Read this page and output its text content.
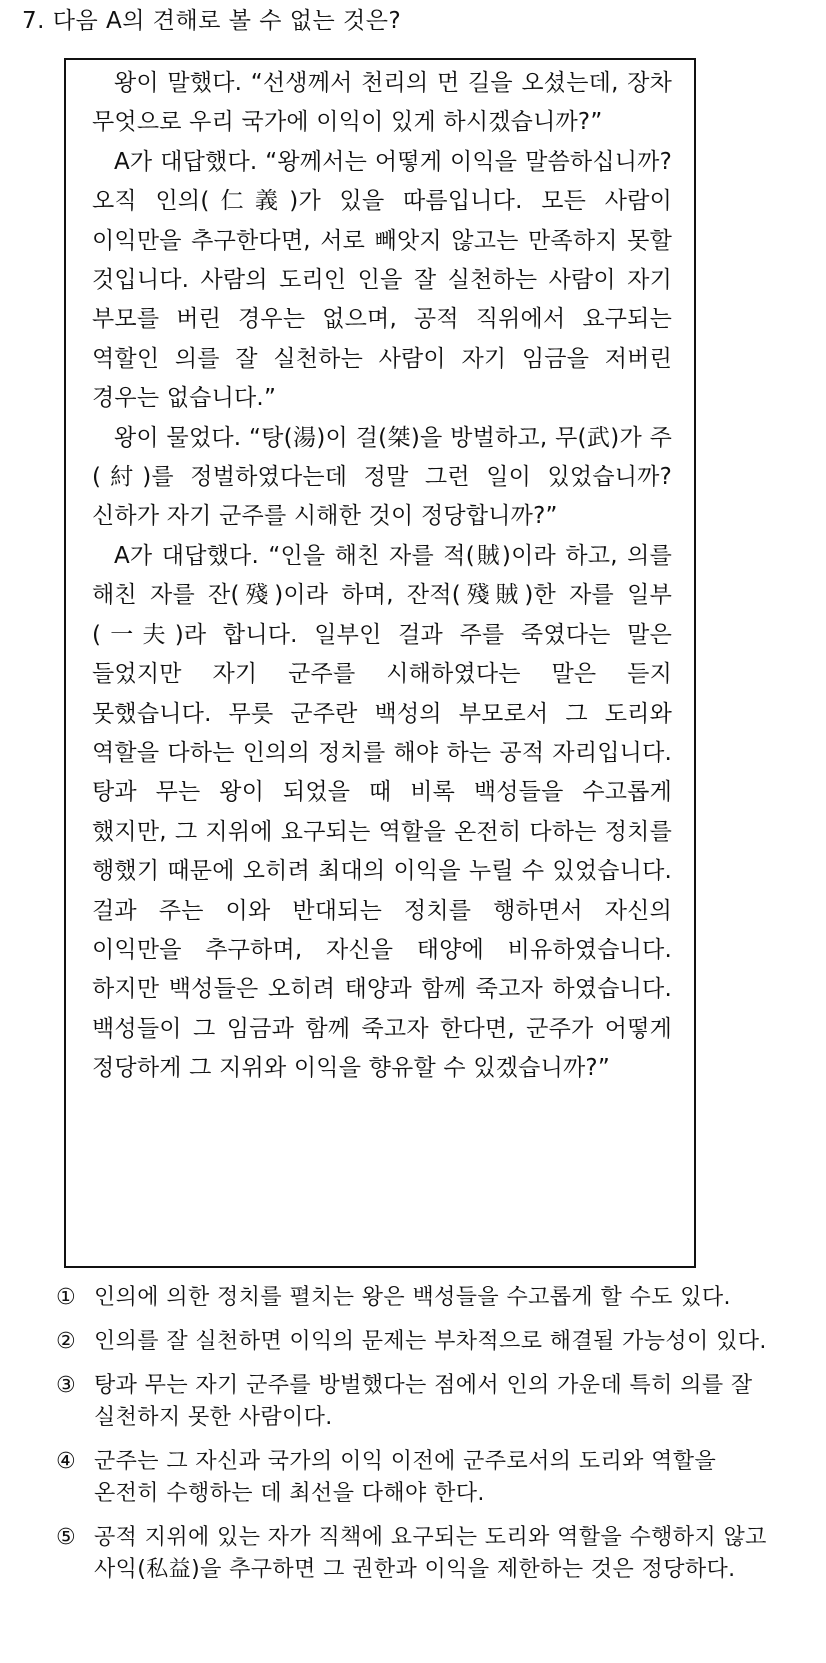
7. 다음 A의 견해로 볼 수 없는 것은?

왕이 말했다. “선생께서 천리의 먼 길을 오셨는데, 장차 무엇으로 우리 국가에 이익이 있게 하시겠습니까?”

A가 대답했다. “왕께서는 어떻게 이익을 말씀하십니까? 오직 인의(仁義)가 있을 따름입니다. 모든 사람이 이익만을 추구한다면, 서로 빼앗지 않고는 만족하지 못할 것입니다. 사람의 도리인 인을 잘 실천하는 사람이 자기 부모를 버린 경우는 없으며, 공적 직위에서 요구되는 역할인 의를 잘 실천하는 사람이 자기 임금을 저버린 경우는 없습니다.”

왕이 물었다. “탕(湯)이 걸(桀)을 방벌하고, 무(武)가 주(紂)를 정벌하였다는데 정말 그런 일이 있었습니까? 신하가 자기 군주를 시해한 것이 정당합니까?”

A가 대답했다. “인을 해친 자를 적(賊)이라 하고, 의를 해친 자를 잔(殘)이라 하며, 잔적(殘賊)한 자를 일부(一夫)라 합니다. 일부인 걸과 주를 죽였다는 말은 들었지만 자기 군주를 시해하였다는 말은 듣지 못했습니다. 무릇 군주란 백성의 부모로서 그 도리와 역할을 다하는 인의의 정치를 해야 하는 공적 자리입니다. 탕과 무는 왕이 되었을 때 비록 백성들을 수고롭게 했지만, 그 지위에 요구되는 역할을 온전히 다하는 정치를 행했기 때문에 오히려 최대의 이익을 누릴 수 있었습니다. 걸과 주는 이와 반대되는 정치를 행하면서 자신의 이익만을 추구하며, 자신을 태양에 비유하였습니다. 하지만 백성들은 오히려 태양과 함께 죽고자 하였습니다. 백성들이 그 임금과 함께 죽고자 한다면, 군주가 어떻게 정당하게 그 지위와 이익을 향유할 수 있겠습니까?”

① 인의에 의한 정치를 펼치는 왕은 백성들을 수고롭게 할 수도 있다.
② 인의를 잘 실천하면 이익의 문제는 부차적으로 해결될 가능성이 있다.
③ 탕과 무는 자기 군주를 방벌했다는 점에서 인의 가운데 특히 의를 잘 실천하지 못한 사람이다.
④ 군주는 그 자신과 국가의 이익 이전에 군주로서의 도리와 역할을 온전히 수행하는 데 최선을 다해야 한다.
⑤ 공적 지위에 있는 자가 직책에 요구되는 도리와 역할을 수행하지 않고 사익(私益)을 추구하면 그 권한과 이익을 제한하는 것은 정당하다.
